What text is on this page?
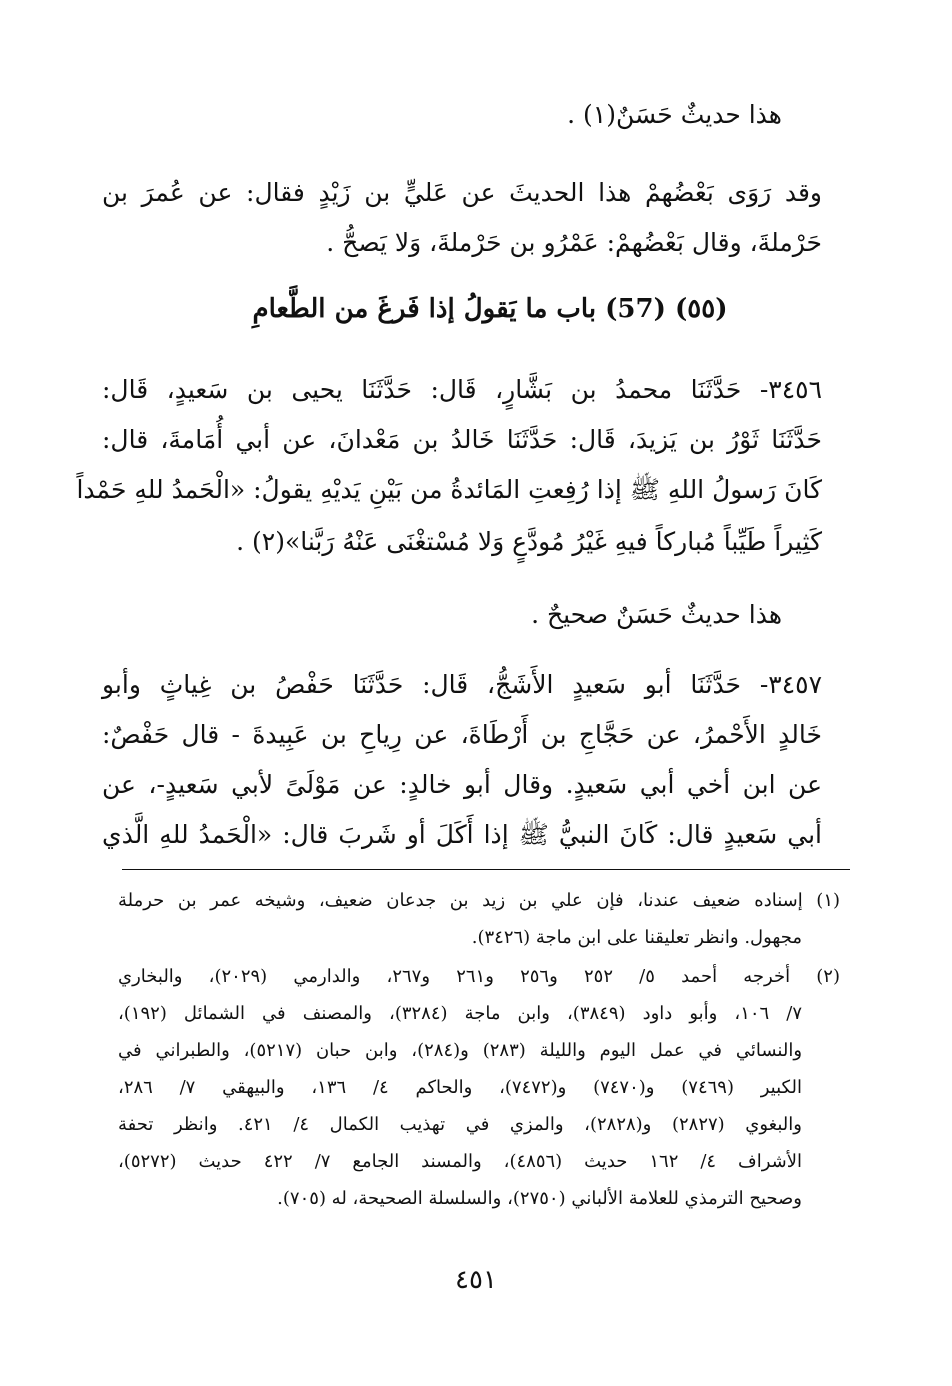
هذا حديثٌ حَسَنٌ(١) .
وقد رَوَى بَعْضُهمْ هذا الحديثَ عن عَليٍّ بن زَيْدٍ فقال: عن عُمرَ بن
حَرْملةَ، وقال بَعْضُهمْ: عَمْرُو بن حَرْملةَ، وَلا يَصحُّ .
(٥٥) (57) باب ما يَقولُ إذا فَرغَ من الطَّعامِ
٣٤٥٦- حَدَّثَنَا محمدُ بن بَشَّارٍ، قَال: حَدَّثَنَا يحيى بن سَعيدٍ، قَال:
حَدَّثَنَا ثَوْرُ بن يَزيدَ، قَال: حَدَّثَنَا خَالدُ بن مَعْدانَ، عن أبي أُمَامةَ، قال:
كَانَ رَسولُ اللهِ ﷺ إذا رُفِعتِ المَائدةُ من بَيْنِ يَديْهِ يقولُ: «الْحَمدُ للهِ حَمْداً
كَثِيراً طَيِّباً مُباركاً فيهِ غَيْرُ مُودَّعٍ وَلا مُسْتغْنَى عَنْهُ رَبَّنا»(٢) .
هذا حديثٌ حَسَنٌ صحيحٌ .
٣٤٥٧- حَدَّثَنَا أبو سَعيدٍ الأَشَجُّ، قَال: حَدَّثَنَا حَفْصُ بن غِياثٍ وأبو
خَالدٍ الأَحْمرُ، عن حَجَّاجِ بن أَرْطَاةَ، عن رِياحِ بن عَبِيدةَ - قال حَفْصٌ:
عن ابن أخي أبي سَعيدٍ. وقال أبو خالدٍ: عن مَوْلَىً لأبي سَعيدٍ-، عن
أبي سَعيدٍ قال: كَانَ النبيُّ ﷺ إذا أَكَلَ أو شَربَ قال: «الْحَمدُ للهِ الَّذي
(١) إسناده ضعيف عندنا، فإن علي بن زيد بن جدعان ضعيف، وشيخه عمر بن حرملة
مجهول. وانظر تعليقنا على ابن ماجة (٣٤٢٦).
(٢) أخرجه أحمد ٥/ ٢٥٢ و٢٥٦ و٢٦١ و٢٦٧، والدارمي (٢٠٢٩)، والبخاري
٧/ ١٠٦، وأبو داود (٣٨٤٩)، وابن ماجة (٣٢٨٤)، والمصنف في الشمائل (١٩٢)،
والنسائي في عمل اليوم والليلة (٢٨٣) و(٢٨٤)، وابن حبان (٥٢١٧)، والطبراني في
الكبير (٧٤٦٩) و(٧٤٧٠) و(٧٤٧٢)، والحاكم ٤/ ١٣٦، والبيهقي ٧/ ٢٨٦،
والبغوي (٢٨٢٧) و(٢٨٢٨)، والمزي في تهذيب الكمال ٤/ ٤٢١. وانظر تحفة
الأشراف ٤/ ١٦٢ حديث (٤٨٥٦)، والمسند الجامع ٧/ ٤٢٢ حديث (٥٢٧٢)،
وصحيح الترمذي للعلامة الألباني (٢٧٥٠)، والسلسلة الصحيحة، له (٧٠٥).
٤٥١
